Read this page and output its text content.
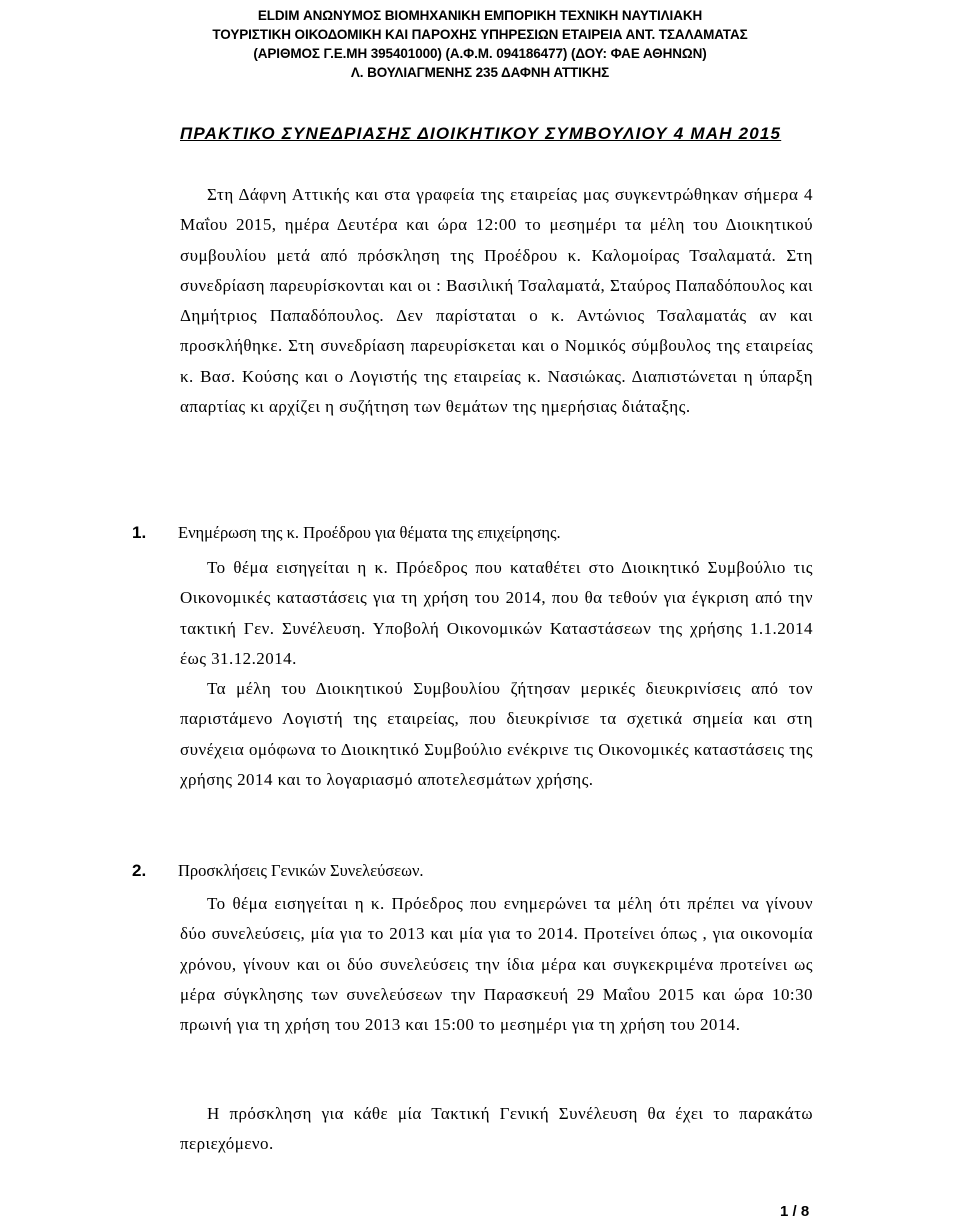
ELDIM ΑΝΩΝΥΜΟΣ ΒΙΟΜΗΧΑΝΙΚΗ ΕΜΠΟΡΙΚΗ ΤΕΧΝΙΚΗ ΝΑΥΤΙΛΙΑΚΗ
ΤΟΥΡΙΣΤΙΚΗ ΟΙΚΟΔΟΜΙΚΗ ΚΑΙ ΠΑΡΟΧΗΣ ΥΠΗΡΕΣΙΩΝ ΕΤΑΙΡΕΙΑ ΑΝΤ. ΤΣΑΛΑΜΑΤΑΣ
(ΑΡΙΘΜΟΣ Γ.Ε.ΜΗ 395401000) (Α.Φ.Μ. 094186477) (ΔΟΥ: ΦΑΕ ΑΘΗΝΩΝ)
Λ. ΒΟΥΛΙΑΓΜΕΝΗΣ 235 ΔΑΦΝΗ ΑΤΤΙΚΗΣ
ΠΡΑΚΤΙΚΟ ΣΥΝΕΔΡΙΑΣΗΣ ΔΙΟΙΚΗΤΙΚΟΥ ΣΥΜΒΟΥΛΙΟΥ 4 ΜΑΗ 2015
Στη Δάφνη Αττικής και στα γραφεία της εταιρείας μας συγκεντρώθηκαν σήμερα 4 Μαΐου 2015, ημέρα Δευτέρα και ώρα 12:00 το μεσημέρι τα μέλη του Διοικητικού συμβουλίου μετά από πρόσκληση της Προέδρου κ. Καλομοίρας Τσαλαματά. Στη συνεδρίαση παρευρίσκονται και οι : Βασιλική Τσαλαματά, Σταύρος Παπαδόπουλος και Δημήτριος Παπαδόπουλος. Δεν παρίσταται ο κ. Αντώνιος Τσαλαματάς αν και προσκλήθηκε. Στη συνεδρίαση παρευρίσκεται και ο Νομικός σύμβουλος της εταιρείας κ. Βασ. Κούσης και ο Λογιστής της εταιρείας κ. Νασιώκας. Διαπιστώνεται η ύπαρξη απαρτίας κι αρχίζει η συζήτηση των θεμάτων της ημερήσιας διάταξης.
1. Ενημέρωση της κ. Προέδρου για θέματα της επιχείρησης.
Το θέμα εισηγείται η κ. Πρόεδρος που καταθέτει στο Διοικητικό Συμβούλιο τις Οικονομικές καταστάσεις για τη χρήση του 2014, που θα τεθούν για έγκριση από την τακτική Γεν. Συνέλευση. Υποβολή Οικονομικών Καταστάσεων της χρήσης 1.1.2014 έως 31.12.2014.
Τα μέλη του Διοικητικού Συμβουλίου ζήτησαν μερικές διευκρινίσεις από τον παριστάμενο Λογιστή της εταιρείας, που διευκρίνισε τα σχετικά σημεία και στη συνέχεια ομόφωνα το Διοικητικό Συμβούλιο ενέκρινε τις Οικονομικές καταστάσεις της χρήσης 2014 και το λογαριασμό αποτελεσμάτων χρήσης.
2. Προσκλήσεις Γενικών Συνελεύσεων.
Το θέμα εισηγείται η κ. Πρόεδρος που ενημερώνει τα μέλη ότι πρέπει να γίνουν δύο συνελεύσεις, μία για το 2013 και μία για το 2014. Προτείνει όπως , για οικονομία χρόνου, γίνουν και οι δύο συνελεύσεις την ίδια μέρα και συγκεκριμένα προτείνει ως μέρα σύγκλησης των συνελεύσεων την Παρασκευή 29 Μαΐου 2015 και ώρα 10:30 πρωινή για τη χρήση του 2013 και 15:00 το μεσημέρι για τη χρήση του 2014.
Η πρόσκληση για κάθε μία Τακτική Γενική Συνέλευση θα έχει το παρακάτω περιεχόμενο.
1 / 8
